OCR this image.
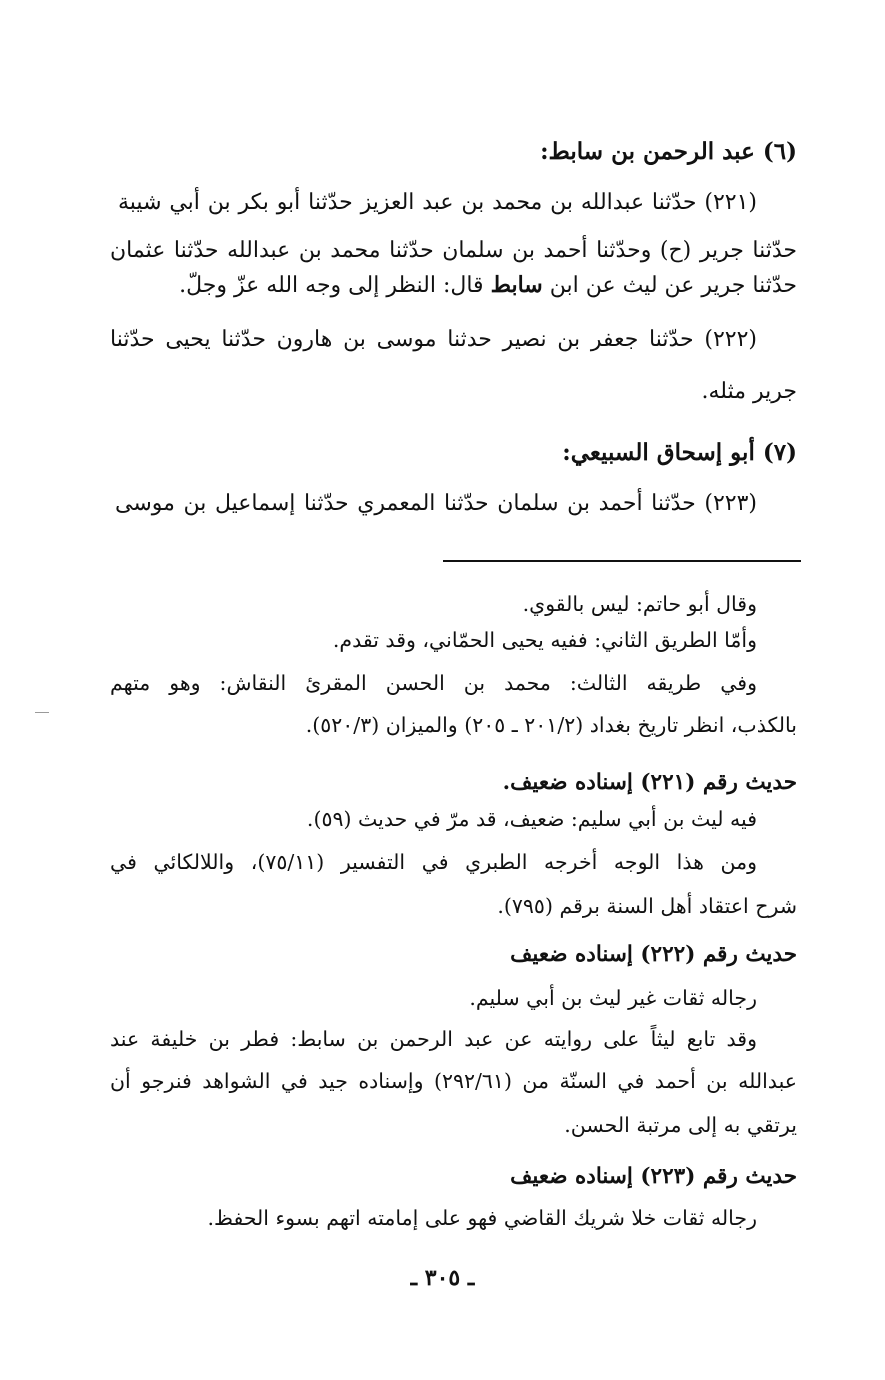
(٦) عبد الرحمن بن سابط:
(٢٢١) حدّثنا عبدالله بن محمد بن عبد العزيز حدّثنا أبو بكر بن أبي شيبة
حدّثنا جرير (ح) وحدّثنا أحمد بن سلمان حدّثنا محمد بن عبدالله حدّثنا عثمان
حدّثنا جرير عن ليث عن ابن سابط قال: النظر إلى وجه الله عزّ وجلّ.
(٢٢٢) حدّثنا جعفر بن نصير حدثنا موسى بن هارون حدّثنا يحيى حدّثنا
جرير مثله.
(٧) أبو إسحاق السبيعي:
(٢٢٣) حدّثنا أحمد بن سلمان حدّثنا المعمري حدّثنا إسماعيل بن موسى
وقال أبو حاتم: ليس بالقوي.
وأمّا الطريق الثاني: ففيه يحيى الحمّاني، وقد تقدم.
وفي طريقه الثالث: محمد بن الحسن المقرئ النقاش: وهو متهم
بالكذب، انظر تاريخ بغداد (٢٠١/٢ ـ ٢٠٥) والميزان (٥٢٠/٣).
حديث رقم (٢٢١) إسناده ضعيف.
فيه ليث بن أبي سليم: ضعيف، قد مرّ في حديث (٥٩).
ومن هذا الوجه أخرجه الطبري في التفسير (٧٥/١١)، واللالكائي في
شرح اعتقاد أهل السنة برقم (٧٩٥).
حديث رقم (٢٢٢) إسناده ضعيف
رجاله ثقات غير ليث بن أبي سليم.
وقد تابع ليثاً على روايته عن عبد الرحمن بن سابط: فطر بن خليفة عند
عبدالله بن أحمد في السنّة من (٢٩٢/٦١) وإسناده جيد في الشواهد فنرجو أن
يرتقي به إلى مرتبة الحسن.
حديث رقم (٢٢٣) إسناده ضعيف
رجاله ثقات خلا شريك القاضي فهو على إمامته اتهم بسوء الحفظ.
ـ ٣٠٥ ـ
